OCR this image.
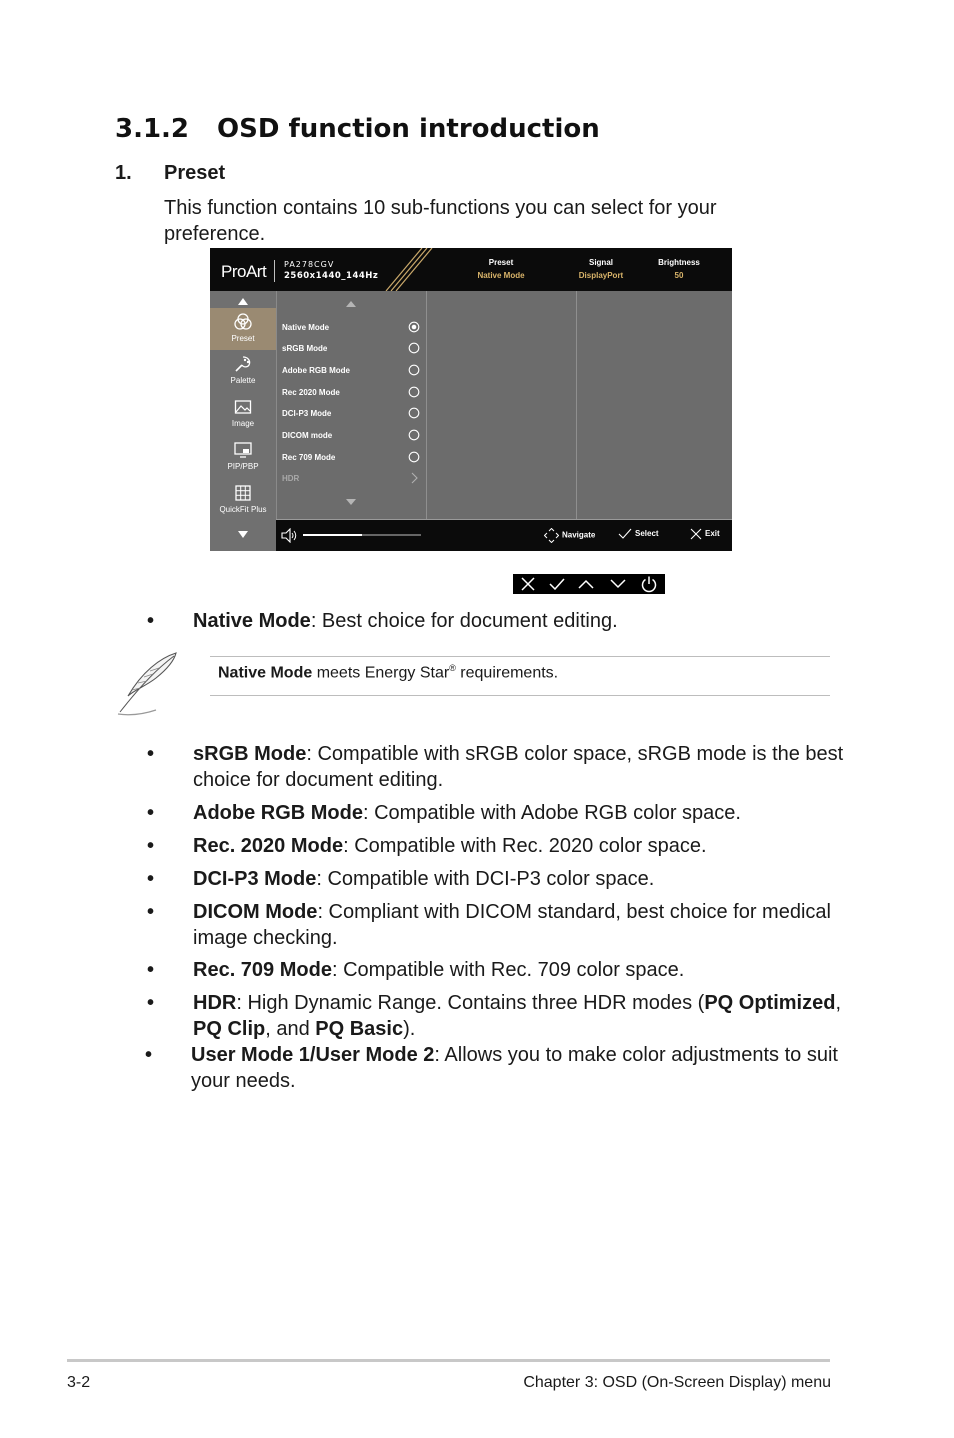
3.1.2 OSD function introduction
1. Preset
This function contains 10 sub-functions you can select for your preference.
ProArt PA278CGV
2560x1440_144Hz
Preset
Native Mode
Signal
DisplayPort
Brightness
50
Preset
Palette
Image
PIP/PBP
QuickFit Plus
Native Mode
sRGB Mode
Adobe RGB Mode
Rec 2020 Mode
DCI-P3 Mode
DICOM mode
Rec 709 Mode
HDR
Navigate	Select	Exit
• Native Mode: Best choice for document editing.
Native Mode meets Energy Star® requirements.
• sRGB Mode: Compatible with sRGB color space, sRGB mode is the best
choice for document editing.
• Adobe RGB Mode: Compatible with Adobe RGB color space.
• Rec. 2020 Mode: Compatible with Rec. 2020 color space.
• DCI-P3 Mode: Compatible with DCI-P3 color space.
• DICOM Mode: Compliant with DICOM standard, best choice for medical
image checking.
• Rec. 709 Mode: Compatible with Rec. 709 color space.
• HDR: High Dynamic Range. Contains three HDR modes (PQ Optimized,
PQ Clip, and PQ Basic).
• User Mode 1/User Mode 2: Allows you to make color adjustments to suit
your needs.
3-2	Chapter 3: OSD (On-Screen Display) menu
